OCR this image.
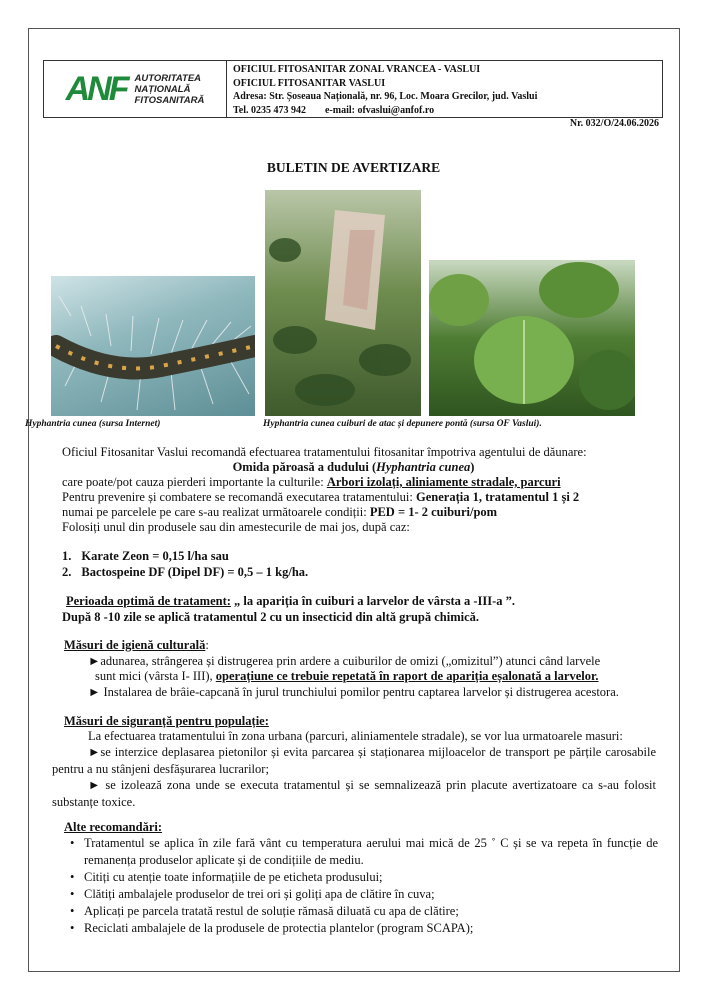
ANF AUTORITATEA
NAȚIONALĂ
FITOSANITARĂ
OFICIUL FITOSANITAR ZONAL VRANCEA - VASLUI
OFICIUL FITOSANITAR VASLUI
Adresa: Str. Șoseaua Națională, nr. 96, Loc. Moara Grecilor, jud. Vaslui
Tel. 0235 473 942 e-mail: ofvaslui@anfof.ro
Nr. 032/O/24.06.2026
BULETIN DE AVERTIZARE
Hyphantria cunea (sursa Internet)	Hyphantria cunea cuiburi de atac și depunere pontă (sursa OF Vaslui).
Oficiul Fitosanitar Vaslui recomandă efectuarea tratamentului fitosanitar împotriva agentului de dăunare:
Omida păroasă a dudului (Hyphantria cunea)
care poate/pot cauza pierderi importante la culturile: Arbori izolați, aliniamente stradale, parcuri
Pentru prevenire și combatere se recomandă executarea tratamentului: Generația 1, tratamentul 1 și 2
numai pe parcelele pe care s-au realizat următoarele condiții: PED = 1- 2 cuiburi/pom
Folosiți unul din produsele sau din amestecurile de mai jos, după caz:
1. Karate Zeon = 0,15 l/ha sau
2. Bactospeine DF (Dipel DF) = 0,5 – 1 kg/ha.
Perioada optimă de tratament: „ la apariția în cuiburi a larvelor de vârsta a -III-a ”.
După 8 -10 zile se aplică tratamentul 2 cu un insecticid din altă grupă chimică.
Măsuri de igienă culturală:
►adunarea, strângerea și distrugerea prin ardere a cuiburilor de omizi („omizitul”) atunci când larvele
sunt mici (vârsta I- III), operațiune ce trebuie repetată în raport de apariția eșalonată a larvelor.
► Instalarea de brâie-capcană în jurul trunchiului pomilor pentru captarea larvelor și distrugerea acestora.
Măsuri de siguranță pentru populație:
La efectuarea tratamentului în zona urbana (parcuri, aliniamentele stradale), se vor lua urmatoarele masuri:
►se interzice deplasarea pietonilor și evita parcarea și staționarea mijloacelor de transport pe părțile carosabile pentru a nu stânjeni desfășurarea lucrarilor;
► se izolează zona unde se executa tratamentul și se semnalizează prin placute avertizatoare ca s-au folosit substanțe toxice.
Alte recomandări:
• Tratamentul se aplica în zile fară vânt cu temperatura aerului mai mică de 25 ˚ C și se va repeta în funcție de remanența produselor aplicate și de condițiile de mediu.
• Citiți cu atenție toate informațiile de pe eticheta produsului;
• Clătiți ambalajele produselor de trei ori și goliți apa de clătire în cuva;
• Aplicați pe parcela tratată restul de soluție rămasă diluată cu apa de clătire;
• Reciclati ambalajele de la produsele de protectia plantelor (program SCAPA);
